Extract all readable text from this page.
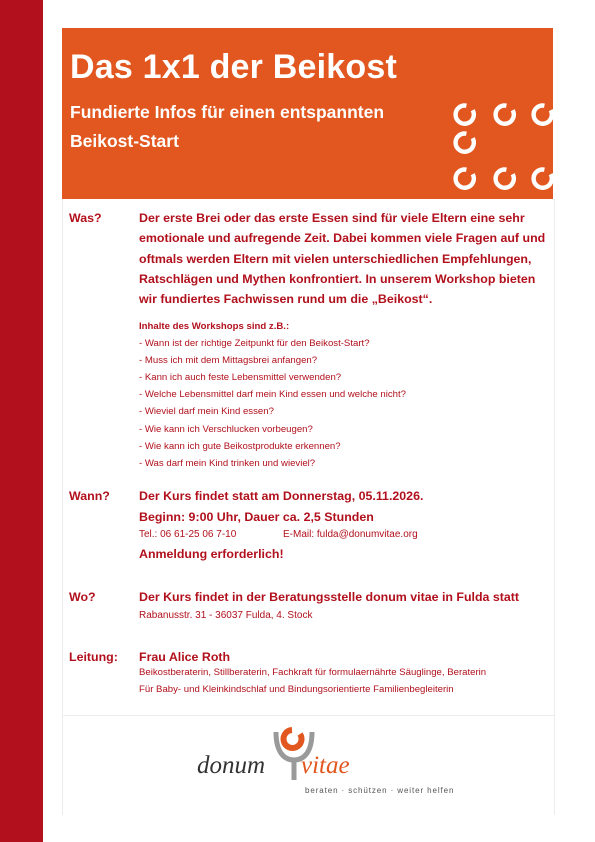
Das 1x1 der Beikost
Fundierte Infos für einen entspannten
Beikost-Start
Was?	Der erste Brei oder das erste Essen sind für viele Eltern eine sehr
emotionale und aufregende Zeit. Dabei kommen viele Fragen auf und
oftmals werden Eltern mit vielen unterschiedlichen Empfehlungen,
Ratschlägen und Mythen konfrontiert. In unserem Workshop bieten
wir fundiertes Fachwissen rund um die „Beikost“.
Inhalte des Workshops sind z.B.:
- Wann ist der richtige Zeitpunkt für den Beikost-Start?
- Muss ich mit dem Mittagsbrei anfangen?
- Kann ich auch feste Lebensmittel verwenden?
- Welche Lebensmittel darf mein Kind essen und welche nicht?
- Wieviel darf mein Kind essen?
- Wie kann ich Verschlucken vorbeugen?
- Wie kann ich gute Beikostprodukte erkennen?
- Was darf mein Kind trinken und wieviel?
Wann? Der Kurs findet statt am Donnerstag, 05.11.2026.
Beginn: 9:00 Uhr, Dauer ca. 2,5 Stunden
Tel.: 06 61-25 06 7-10	E-Mail: fulda@donumvitae.org
Anmeldung erforderlich!
Wo?	Der Kurs findet in der Beratungsstelle donum vitae in Fulda statt
Rabanusstr. 31 - 36037 Fulda, 4. Stock
Leitung: Frau Alice Roth
Beikostberaterin, Stillberaterin, Fachkraft für formulaernährte Säuglinge, Beraterin
Für Baby- und Kleinkindschlaf und Bindungsorientierte Familienbegleiterin
donum vitae
beraten · schützen · weiter helfen
